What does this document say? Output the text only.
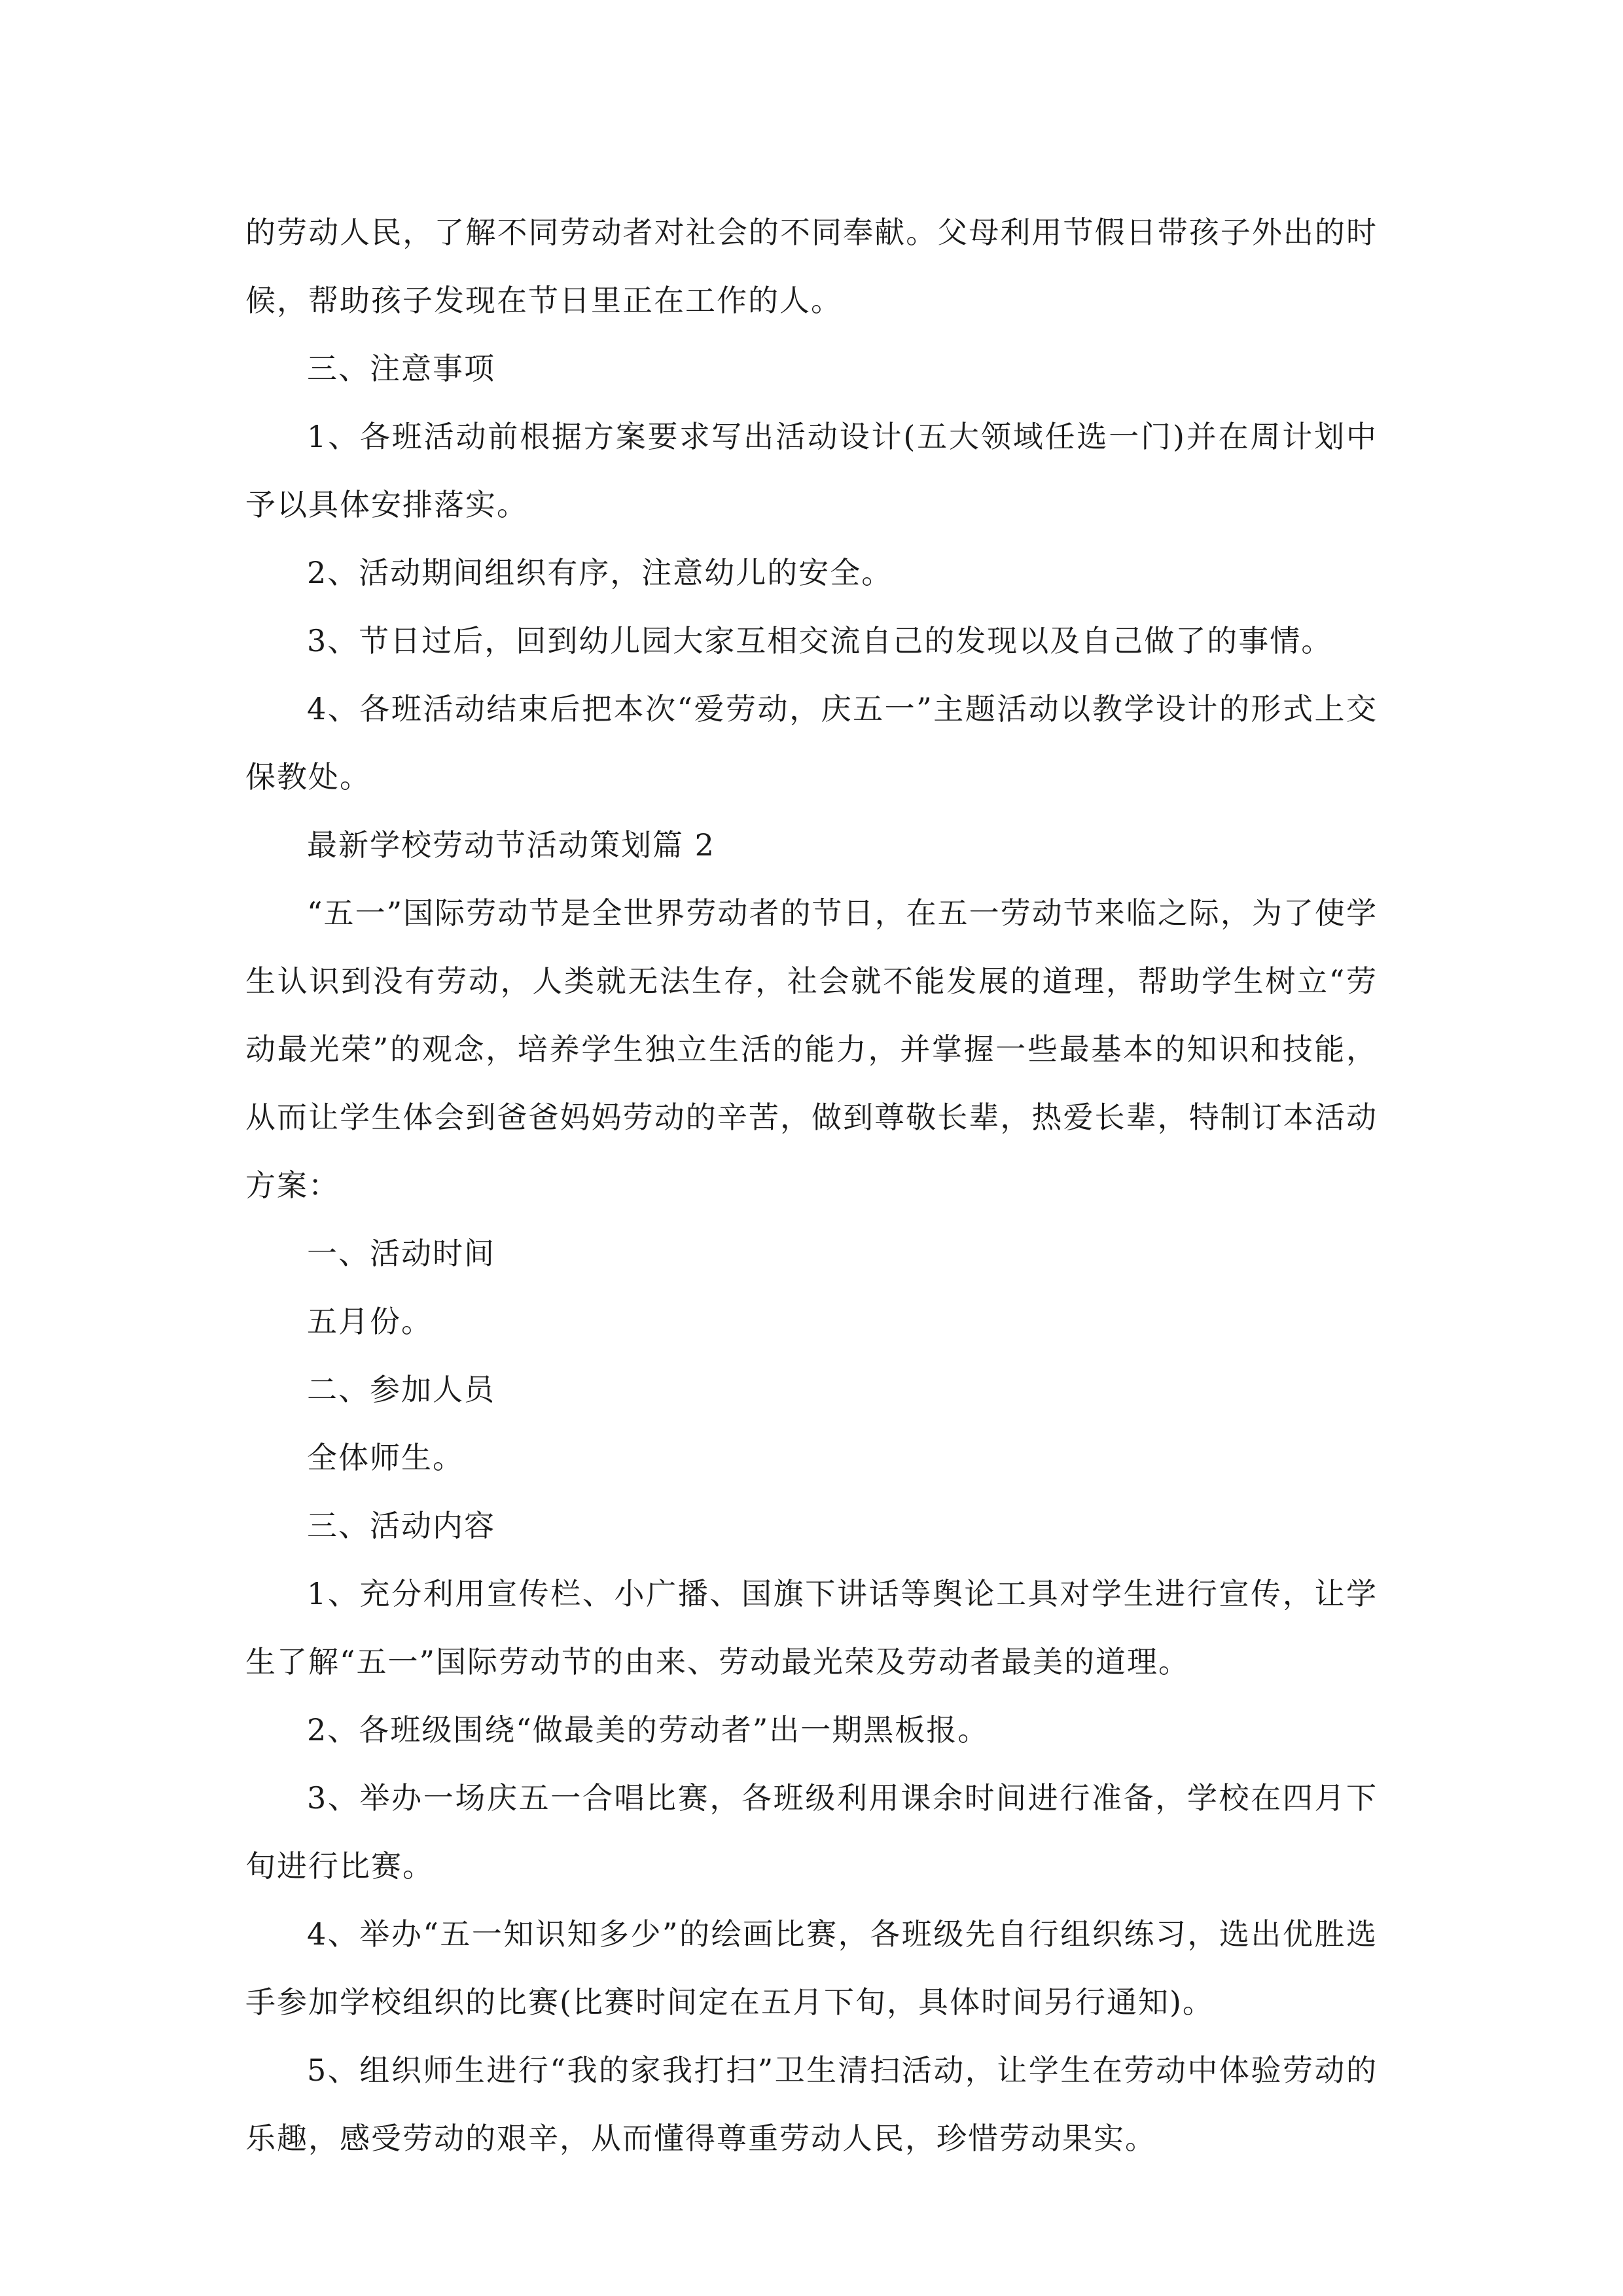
的劳动人民，了解不同劳动者对社会的不同奉献。父母利用节假日带孩子外出的时候，帮助孩子发现在节日里正在工作的人。

三、注意事项

1、各班活动前根据方案要求写出活动设计(五大领域任选一门)并在周计划中予以具体安排落实。

2、活动期间组织有序，注意幼儿的安全。

3、节日过后，回到幼儿园大家互相交流自己的发现以及自己做了的事情。

4、各班活动结束后把本次“爱劳动，庆五一”主题活动以教学设计的形式上交保教处。

最新学校劳动节活动策划篇 2

“五一”国际劳动节是全世界劳动者的节日，在五一劳动节来临之际，为了使学生认识到没有劳动，人类就无法生存，社会就不能发展的道理，帮助学生树立“劳动最光荣”的观念，培养学生独立生活的能力，并掌握一些最基本的知识和技能，从而让学生体会到爸爸妈妈劳动的辛苦，做到尊敬长辈，热爱长辈，特制订本活动方案：

一、活动时间

五月份。

二、参加人员

全体师生。

三、活动内容

1、充分利用宣传栏、小广播、国旗下讲话等舆论工具对学生进行宣传，让学生了解“五一”国际劳动节的由来、劳动最光荣及劳动者最美的道理。

2、各班级围绕“做最美的劳动者”出一期黑板报。

3、举办一场庆五一合唱比赛，各班级利用课余时间进行准备，学校在四月下旬进行比赛。

4、举办“五一知识知多少”的绘画比赛，各班级先自行组织练习，选出优胜选手参加学校组织的比赛(比赛时间定在五月下旬，具体时间另行通知)。

5、组织师生进行“我的家我打扫”卫生清扫活动，让学生在劳动中体验劳动的乐趣，感受劳动的艰辛，从而懂得尊重劳动人民，珍惜劳动果实。
